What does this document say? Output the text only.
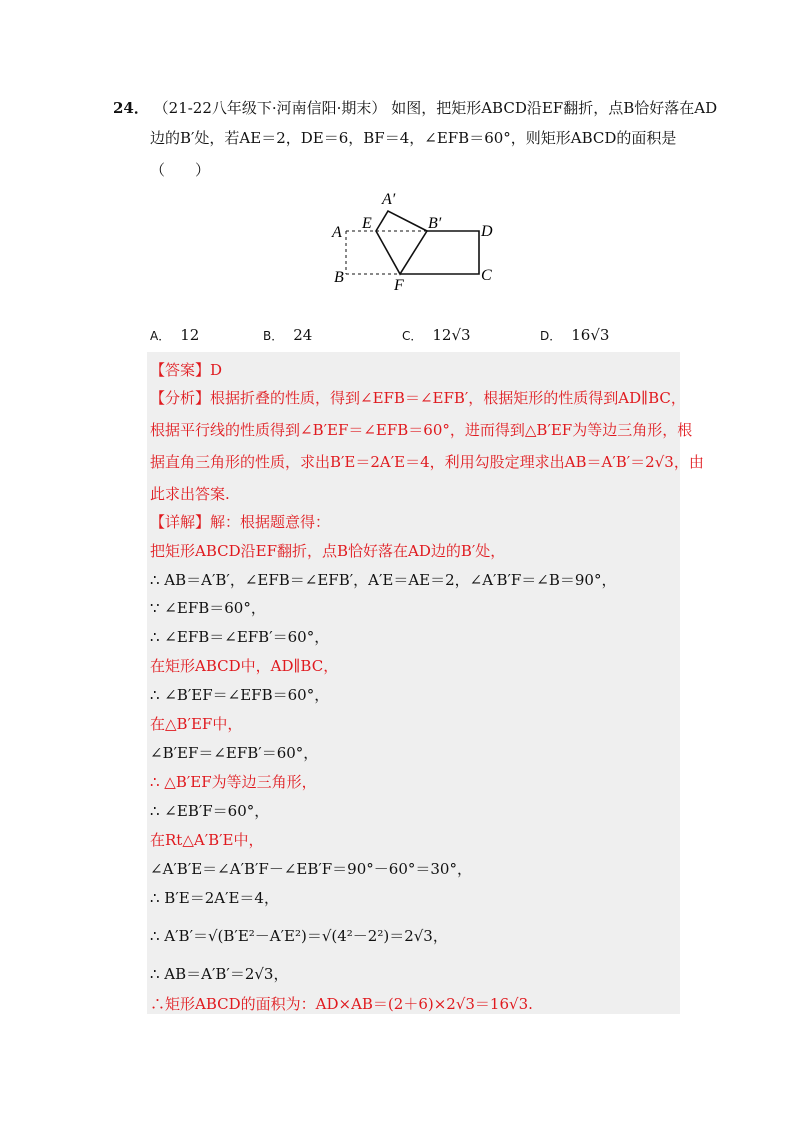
24． （21-22八年级下·河南信阳·期末） 如图，把矩形ABCD沿EF翻折，点B恰好落在AD
边的B′处，若AE＝2，DE＝6，BF＝4，∠EFB＝60°，则矩形ABCD的面积是
（　　）
A
A′
E	B′ D
B	F
C
A． 12	B． 24	C． 12√3	D． 16√3
【答案】D
【分析】根据折叠的性质，得到∠EFB＝∠EFB′，根据矩形的性质得到AD∥BC，
根据平行线的性质得到∠B′EF＝∠EFB＝60°，进而得到△B′EF为等边三角形，根
据直角三角形的性质，求出B′E＝2A′E＝4，利用勾股定理求出AB＝A′B′＝2√3，由
此求出答案.
【详解】解：根据题意得：
把矩形ABCD沿EF翻折，点B恰好落在AD边的B′处，
∴ AB＝A′B′，∠EFB＝∠EFB′，A′E＝AE＝2，∠A′B′F＝∠B＝90°，
∵ ∠EFB＝60°，
∴ ∠EFB＝∠EFB′＝60°，
在矩形ABCD中，AD∥BC，
∴ ∠B′EF＝∠EFB＝60°，
在△B′EF中，
∠B′EF＝∠EFB′＝60°，
∴ △B′EF为等边三角形，
∴ ∠EB′F＝60°，
在Rt△A′B′E中，
∠A′B′E＝∠A′B′F－∠EB′F＝90°－60°＝30°，
∴ B′E＝2A′E＝4，
∴ A′B′＝√(B′E²－A′E²)＝√(4²－2²)＝2√3，
∴ AB＝A′B′＝2√3，
∴矩形ABCD的面积为：AD×AB＝(2＋6)×2√3＝16√3.
